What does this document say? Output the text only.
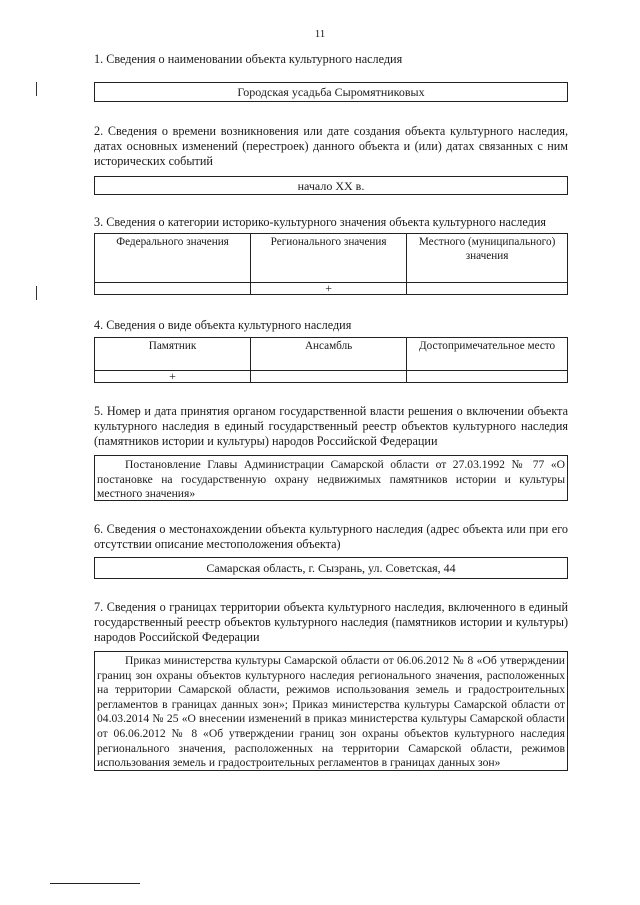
11
1. Сведения о наименовании объекта культурного наследия
Городская усадьба Сыромятниковых
2. Сведения о времени возникновения или дате создания объекта культурного наследия, датах основных изменений (перестроек) данного объекта и (или) датах связанных с ним исторических событий
начало XX в.
3. Сведения о категории историко-культурного значения объекта культурного наследия
Федерального значения	Регионального значения	Местного (муниципального) значения
	+	
4. Сведения о виде объекта культурного наследия
Памятник	Ансамбль	Достопримечательное место
+		
5. Номер и дата принятия органом государственной власти решения о включении объекта культурного наследия в единый государственный реестр объектов культурного наследия (памятников истории и культуры) народов Российской Федерации
Постановление Главы Администрации Самарской области от 27.03.1992 № 77 «О постановке на государственную охрану недвижимых памятников истории и культуры местного значения»
6. Сведения о местонахождении объекта культурного наследия (адрес объекта или при его отсутствии описание местоположения объекта)
Самарская область, г. Сызрань, ул. Советская, 44
7. Сведения о границах территории объекта культурного наследия, включенного в единый государственный реестр объектов культурного наследия (памятников истории и культуры) народов Российской Федерации
Приказ министерства культуры Самарской области от 06.06.2012 № 8 «Об утверждении границ зон охраны объектов культурного наследия регионального значения, расположенных на территории Самарской области, режимов использования земель и градостроительных регламентов в границах данных зон»; Приказ министерства культуры Самарской области от 04.03.2014 № 25 «О внесении изменений в приказ министерства культуры Самарской области от 06.06.2012 № 8 «Об утверждении границ зон охраны объектов культурного наследия регионального значения, расположенных на территории Самарской области, режимов использования земель и градостроительных регламентов в границах данных зон»
